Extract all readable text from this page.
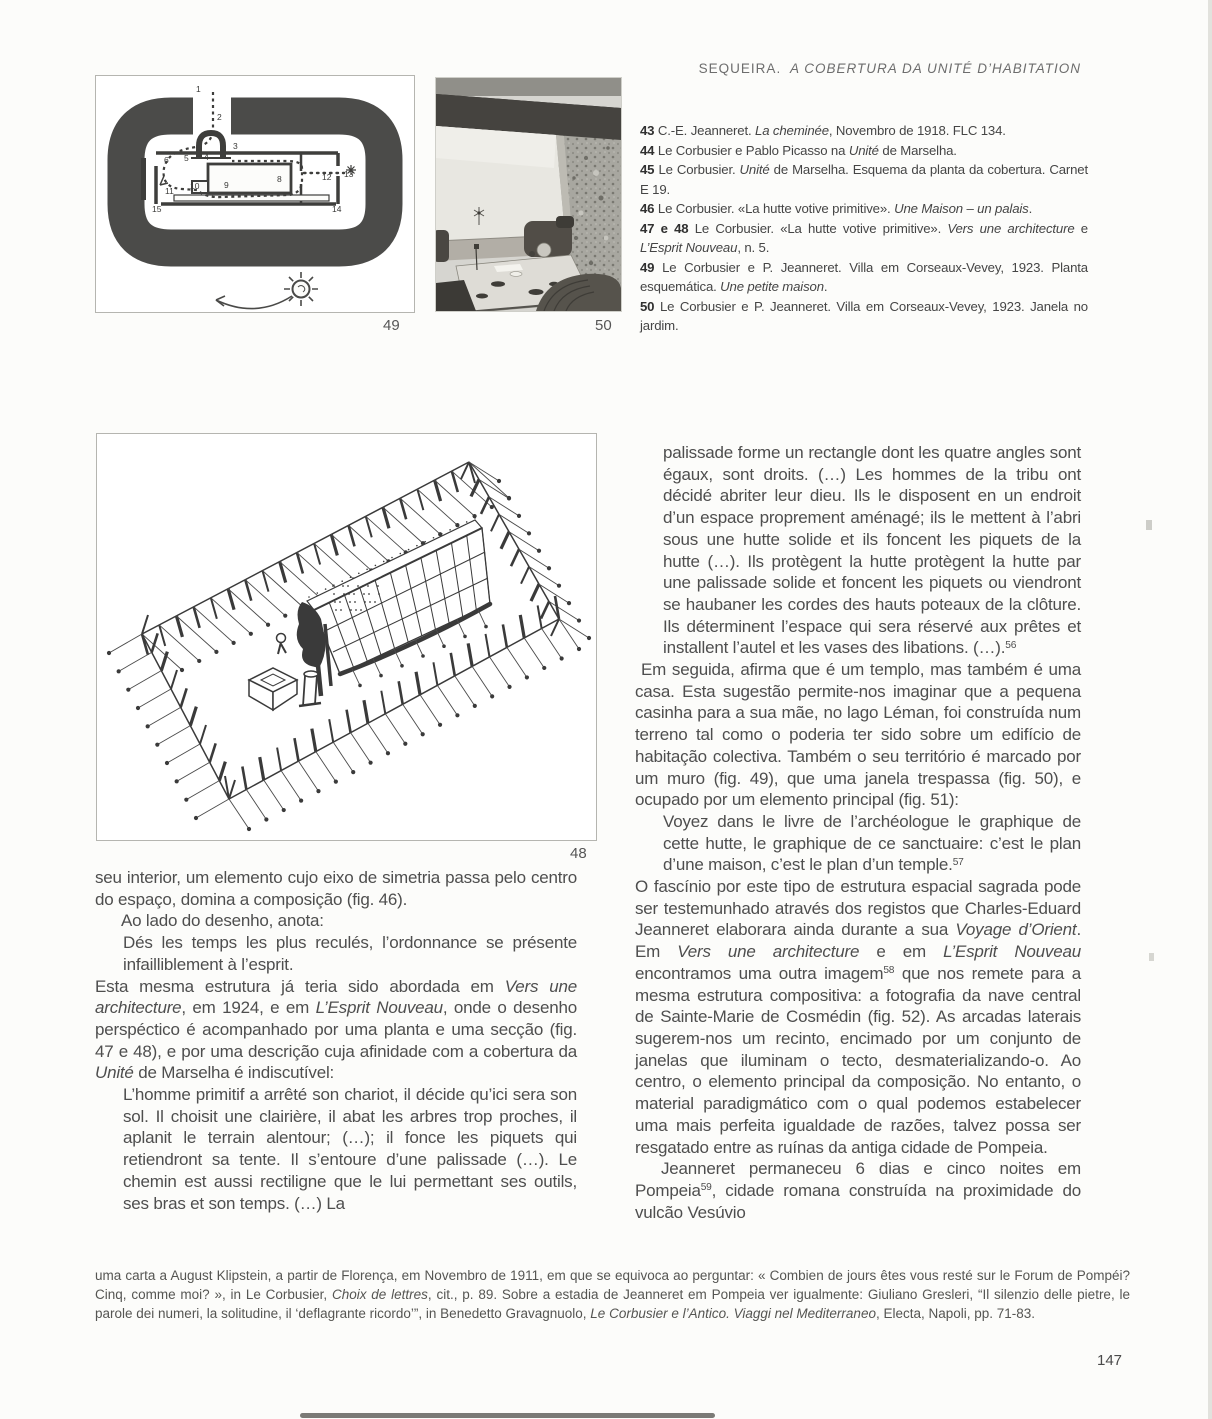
SEQUEIRA. A COBERTURA DA UNITÉ D’HABITATION
1
2
3
4
5
6
8
9
10
11
12 13
14
15
49	50

43 C.-E. Jeanneret. La cheminée, Novembro de 1918. FLC 134.

44 Le Corbusier e Pablo Picasso na Unité de Marselha.

45 Le Corbusier. Unité de Marselha. Esquema da planta da cobertura. Carnet E 19.

46 Le Corbusier. «La hutte votive primitive». Une Maison – un palais.

47 e 48 Le Corbusier. «La hutte votive primitive». Vers une architecture e L’Esprit Nouveau, n. 5.

49 Le Corbusier e P. Jeanneret. Villa em Corseaux-Vevey, 1923. Planta esquemática. Une petite maison.

50 Le Corbusier e P. Jeanneret. Villa em Corseaux-Vevey, 1923. Janela no jardim.

48

seu interior, um elemento cujo eixo de simetria passa pelo centro do espaço, domina a composição (fig. 46).

Ao lado do desenho, anota:

Dés les temps les plus reculés, l’ordonnance se présente infailliblement à l’esprit.

Esta mesma estrutura já teria sido abordada em Vers une architecture, em 1924, e em L’Esprit Nouveau, onde o desenho perspéctico é acompanhado por uma planta e uma secção (fig. 47 e 48), e por uma descrição cuja afinidade com a cobertura da Unité de Marselha é indiscutível:

L’homme primitif a arrêté son chariot, il décide qu’ici sera son sol. Il choisit une clairière, il abat les arbres trop proches, il aplanit le terrain alentour; (…); il fonce les piquets qui retiendront sa tente. Il s’entoure d’une palissade (…). Le chemin est aussi rectiligne que le lui permettant ses outils, ses bras et son temps. (…) La

palissade forme un rectangle dont les quatre angles sont égaux, sont droits. (…) Les hommes de la tribu ont décidé abriter leur dieu. Ils le disposent en un endroit d’un espace proprement aménagé; ils le mettent à l’abri sous une hutte solide et ils foncent les piquets de la hutte (…). Ils protègent la hutte protègent la hutte par une palissade solide et foncent les piquets ou viendront se haubaner les cordes des hauts poteaux de la clôture. Ils déterminent l’espace qui sera réservé aux prêtes et installent l’autel et les vases des libations. (…).$^{56}$

Em seguida, afirma que é um templo, mas também é uma casa. Esta sugestão permite-nos imaginar que a pequena casinha para a sua mãe, no lago Léman, foi construída num terreno tal como o poderia ter sido sobre um edifício de habitação colectiva. Também o seu território é marcado por um muro (fig. 49), que uma janela trespassa (fig. 50), e ocupado por um elemento principal (fig. 51):

Voyez dans le livre de l’archéologue le graphique de cette hutte, le graphique de ce sanctuaire: c’est le plan d’une maison, c’est le plan d’un temple.$^{57}$

O fascínio por este tipo de estrutura espacial sagrada pode ser testemunhado através dos registos que Charles-Eduard Jeanneret elaborara ainda durante a sua Voyage d’Orient. Em Vers une architecture e em L’Esprit Nouveau encontramos uma outra imagem$^{58}$ que nos remete para a mesma estrutura compositiva: a fotografia da nave central de Sainte-Marie de Cosmédin (fig. 52). As arcadas laterais sugerem-nos um recinto, encimado por um conjunto de janelas que iluminam o tecto, desmaterializando-o. Ao centro, o elemento principal da composição. No entanto, o material paradigmático com o qual podemos estabelecer uma mais perfeita igualdade de razões, talvez possa ser resgatado entre as ruínas da antiga cidade de Pompeia.

Jeanneret permaneceu 6 dias e cinco noites em Pompeia$^{59}$, cidade romana construída na proximidade do vulcão Vesúvio

uma carta a August Klipstein, a partir de Florença, em Novembro de 1911, em que se equivoca ao perguntar: « Combien de jours êtes vous resté sur le Forum de Pompéi? Cinq, comme moi? », in Le Corbusier, Choix de lettres, cit., p. 89. Sobre a estadia de Jeanneret em Pompeia ver igualmente: Giuliano Gresleri, “Il silenzio delle pietre, le parole dei numeri, la solitudine, il ‘deflagrante ricordo’”, in Benedetto Gravagnuolo, Le Corbusier e l’Antico. Viaggi nel Mediterraneo, Electa, Napoli, pp. 71-83.

147
